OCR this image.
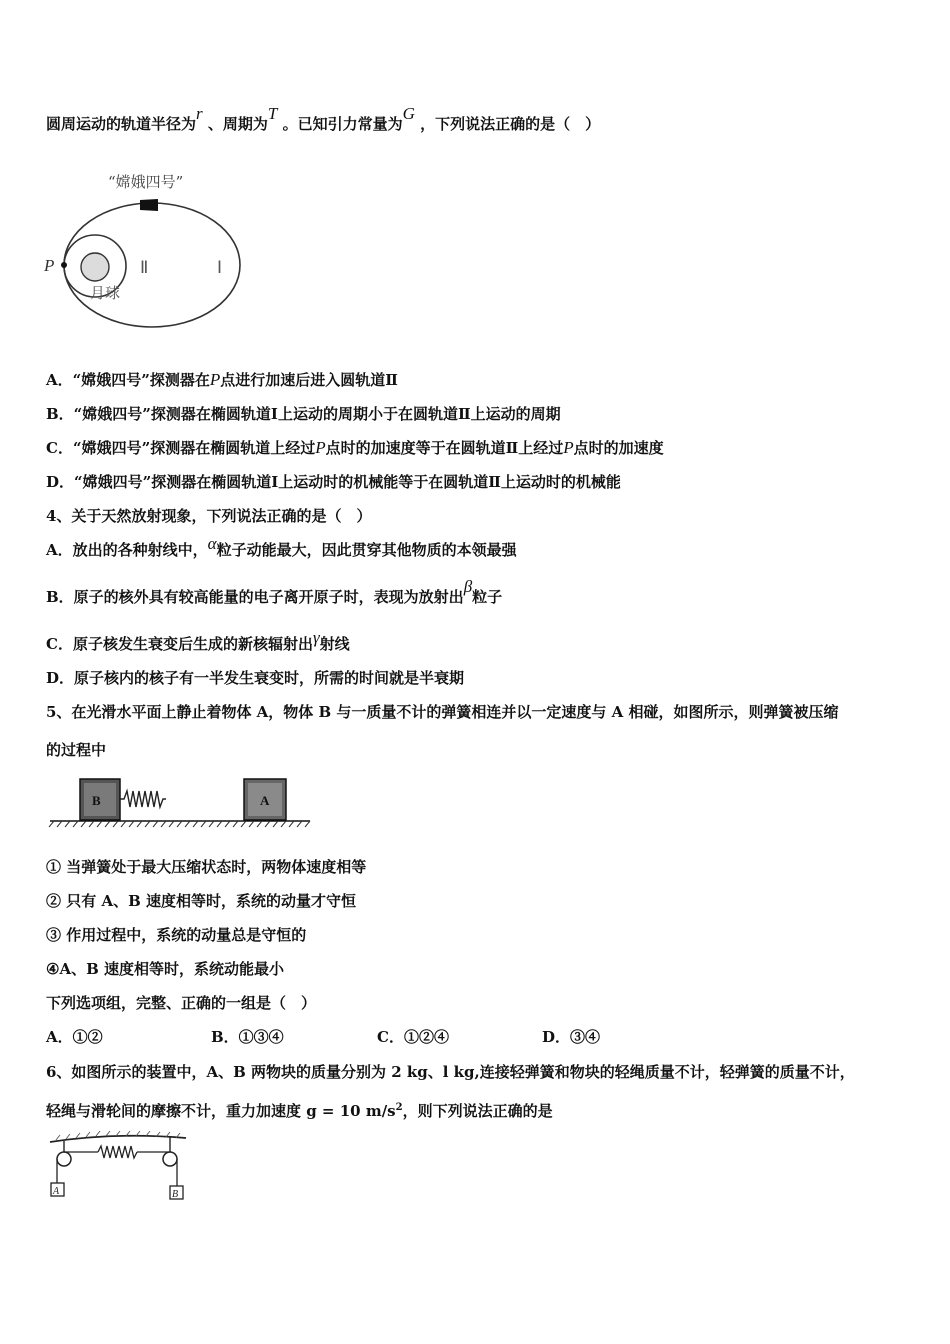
圆周运动的轨道半径为r 、周期为T 。已知引力常量为G ，下列说法正确的是（　）
“嫦娥四号”
P
月球
Ⅱ	Ⅰ
A．“嫦娥四号”探测器在P点进行加速后进入圆轨道Ⅱ
B．“嫦娥四号”探测器在椭圆轨道Ⅰ上运动的周期小于在圆轨道Ⅱ上运动的周期
C．“嫦娥四号”探测器在椭圆轨道上经过P点时的加速度等于在圆轨道Ⅱ上经过P点时的加速度
D．“嫦娥四号”探测器在椭圆轨道Ⅰ上运动时的机械能等于在圆轨道Ⅱ上运动时的机械能
4、关于天然放射现象，下列说法正确的是（　）
A．放出的各种射线中，α粒子动能最大，因此贯穿其他物质的本领最强
B．原子的核外具有较高能量的电子离开原子时，表现为放射出β粒子
C．原子核发生衰变后生成的新核辐射出γ射线
D．原子核内的核子有一半发生衰变时，所需的时间就是半衰期
5、在光滑水平面上静止着物体 A，物体 B 与一质量不计的弹簧相连并以一定速度与 A 相碰，如图所示，则弹簧被压缩
的过程中
B	A
① 当弹簧处于最大压缩状态时，两物体速度相等
② 只有 A、B 速度相等时，系统的动量才守恒
③ 作用过程中，系统的动量总是守恒的
④A、B 速度相等时，系统动能最小
下列选项组，完整、正确的一组是（　）
A．①②	B．①③④	C．①②④	D．③④
6、如图所示的装置中，A、B 两物块的质量分别为 2 kg、l kg,连接轻弹簧和物块的轻绳质量不计，轻弹簧的质量不计，
轻绳与滑轮间的摩擦不计，重力加速度 g = 10 $m/s^2$，则下列说法正确的是
A	B
